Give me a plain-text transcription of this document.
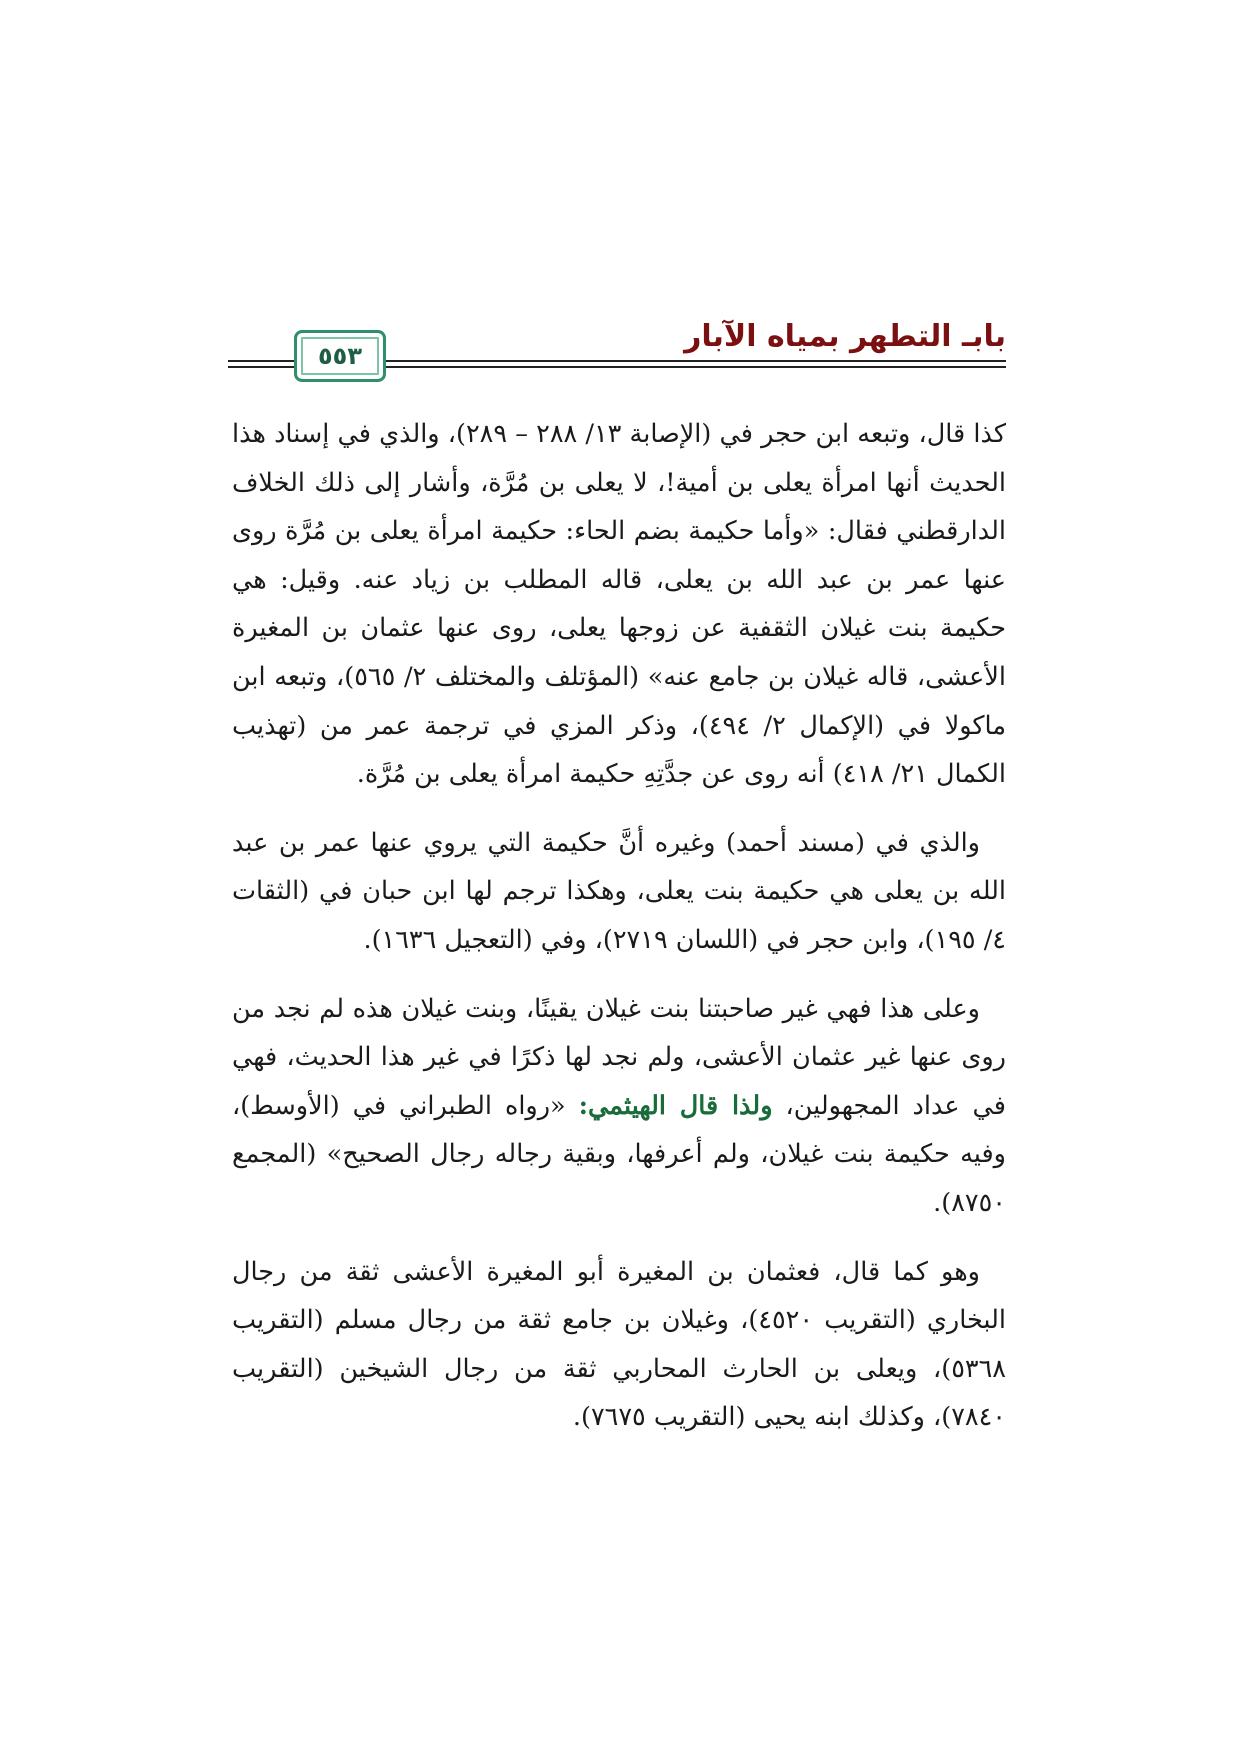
بابـ التطهر بمياه الآبار
٥٥٣

كذا قال، وتبعه ابن حجر في (الإصابة ١٣/ ٢٨٨ – ٢٨٩)، والذي في إسناد هذا الحديث أنها امرأة يعلى بن أمية!، لا يعلى بن مُرَّة، وأشار إلى ذلك الخلاف الدارقطني فقال: «وأما حكيمة بضم الحاء: حكيمة امرأة يعلى بن مُرَّة روى عنها عمر بن عبد الله بن يعلى، قاله المطلب بن زياد عنه. وقيل: هي حكيمة بنت غيلان الثقفية عن زوجها يعلى، روى عنها عثمان بن المغيرة الأعشى، قاله غيلان بن جامع عنه» (المؤتلف والمختلف ٢/ ٥٦٥)، وتبعه ابن ماكولا في (الإكمال ٢/ ٤٩٤)، وذكر المزي في ترجمة عمر من (تهذيب الكمال ٢١/ ٤١٨) أنه روى عن جدَّتِهِ حكيمة امرأة يعلى بن مُرَّة.

والذي في (مسند أحمد) وغيره أنَّ حكيمة التي يروي عنها عمر بن عبد الله بن يعلى هي حكيمة بنت يعلى، وهكذا ترجم لها ابن حبان في (الثقات ٤/ ١٩٥)، وابن حجر في (اللسان ٢٧١٩)، وفي (التعجيل ١٦٣٦).

وعلى هذا فهي غير صاحبتنا بنت غيلان يقينًا، وبنت غيلان هذه لم نجد من روى عنها غير عثمان الأعشى، ولم نجد لها ذكرًا في غير هذا الحديث، فهي في عداد المجهولين، ولذا قال الهيثمي: «رواه الطبراني في (الأوسط)، وفيه حكيمة بنت غيلان، ولم أعرفها، وبقية رجاله رجال الصحيح» (المجمع ٨٧٥٠).

وهو كما قال، فعثمان بن المغيرة أبو المغيرة الأعشى ثقة من رجال البخاري (التقريب ٤٥٢٠)، وغيلان بن جامع ثقة من رجال مسلم (التقريب ٥٣٦٨)، ويعلى بن الحارث المحاربي ثقة من رجال الشيخين (التقريب ٧٨٤٠)، وكذلك ابنه يحيى (التقريب ٧٦٧٥).
